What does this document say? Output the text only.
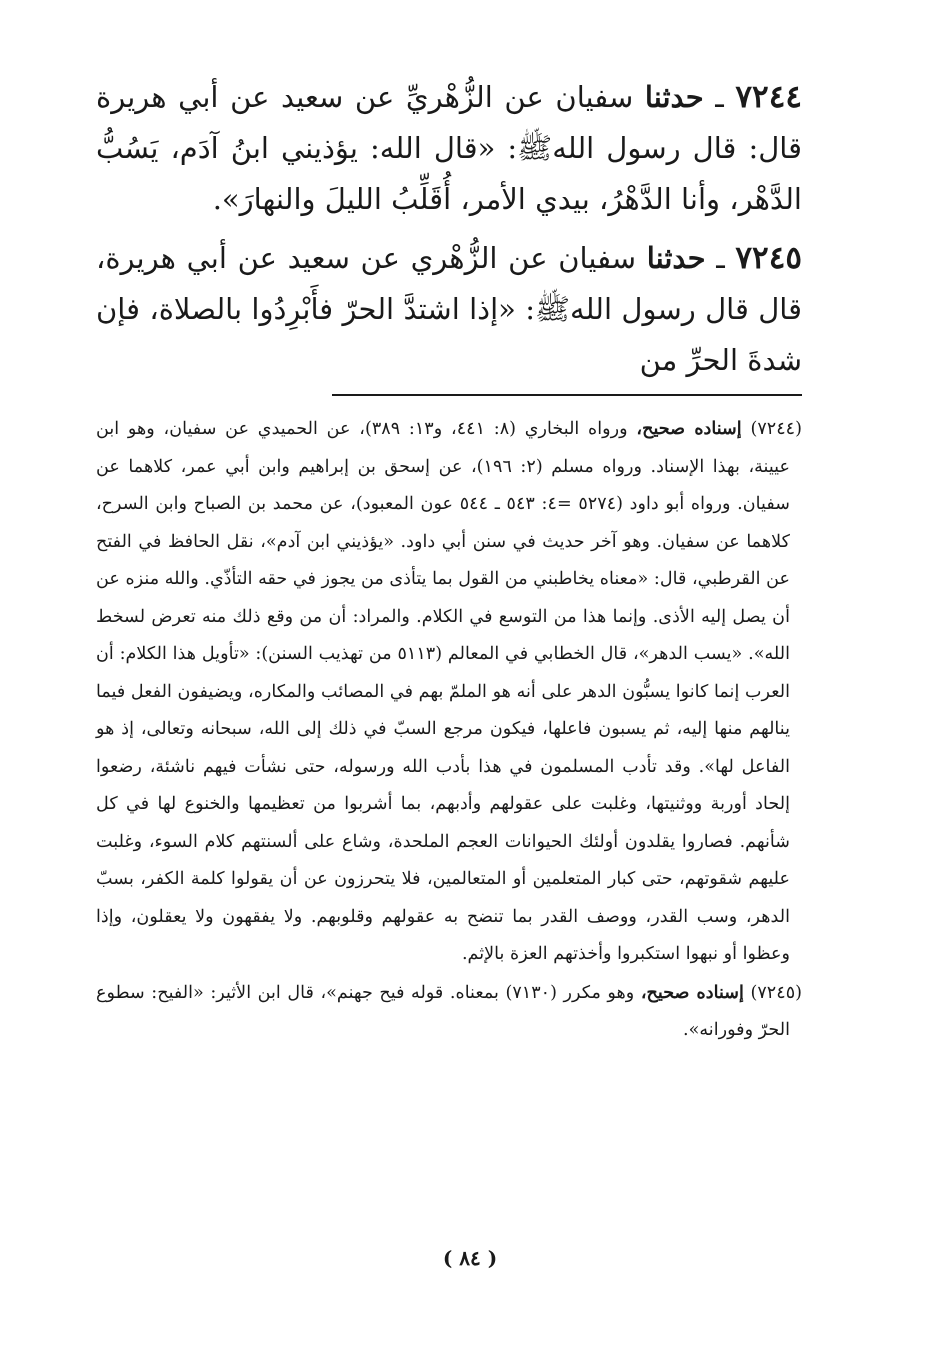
٧٢٤٤ ـ حدثنا سفيان عن الزُّهْريِّ عن سعيد عن أبي هريرة قال: قال رسول اللهﷺ: «قال الله: يؤذيني ابنُ آدَم، يَسُبُّ الدَّهْر، وأنا الدَّهْرُ، بيدي الأمر، أُقَلِّبُ الليلَ والنهارَ».
٧٢٤٥ ـ حدثنا سفيان عن الزُّهْري عن سعيد عن أبي هريرة، قال قال رسول اللهﷺ: «إذا اشتدَّ الحرّ فأَبْرِدُوا بالصلاة، فإن شدةَ الحرِّ من

(٧٢٤٤) إسناده صحيح، ورواه البخاري (٨: ٤٤١، و١٣: ٣٨٩)، عن الحميدي عن سفيان، وهو ابن عيينة، بهذا الإسناد. ورواه مسلم (٢: ١٩٦)، عن إسحق بن إبراهيم وابن أبي عمر، كلاهما عن سفيان. ورواه أبو داود (٥٢٧٤ =٤: ٥٤٣ ـ ٥٤٤ عون المعبود)، عن محمد بن الصباح وابن السرح، كلاهما عن سفيان. وهو آخر حديث في سنن أبي داود. «يؤذيني ابن آدم»، نقل الحافظ في الفتح عن القرطبي، قال: «معناه يخاطبني من القول بما يتأذى من يجوز في حقه التأذّي. والله منزه عن أن يصل إليه الأذى. وإنما هذا من التوسع في الكلام. والمراد: أن من وقع ذلك منه تعرض لسخط الله». «يسب الدهر»، قال الخطابي في المعالم (٥١١٣ من تهذيب السنن): «تأويل هذا الكلام: أن العرب إنما كانوا يسبُّون الدهر على أنه هو الملمّ بهم في المصائب والمكاره، ويضيفون الفعل فيما ينالهم منها إليه، ثم يسبون فاعلها، فيكون مرجع السبّ في ذلك إلى الله، سبحانه وتعالى، إذ هو الفاعل لها». وقد تأدب المسلمون في هذا بأدب الله ورسوله، حتى نشأت فيهم ناشئة، رضعوا إلحاد أوربة ووثنيتها، وغلبت على عقولهم وأدبهم، بما أشربوا من تعظيمها والخنوع لها في كل شأنهم. فصاروا يقلدون أولئك الحيوانات العجم الملحدة، وشاع على ألسنتهم كلام السوء، وغلبت عليهم شقوتهم، حتى كبار المتعلمين أو المتعالمين، فلا يتحرزون عن أن يقولوا كلمة الكفر، بسبّ الدهر، وسب القدر، ووصف القدر بما تنضح به عقولهم وقلوبهم. ولا يفقهون ولا يعقلون، وإذا وعظوا أو نبهوا استكبروا وأخذتهم العزة بالإثم.

(٧٢٤٥) إسناده صحيح، وهو مكرر (٧١٣٠) بمعناه. قوله فيح جهنم»، قال ابن الأثير: «الفيح: سطوع الحرّ وفورانه».

( ٨٤ )
